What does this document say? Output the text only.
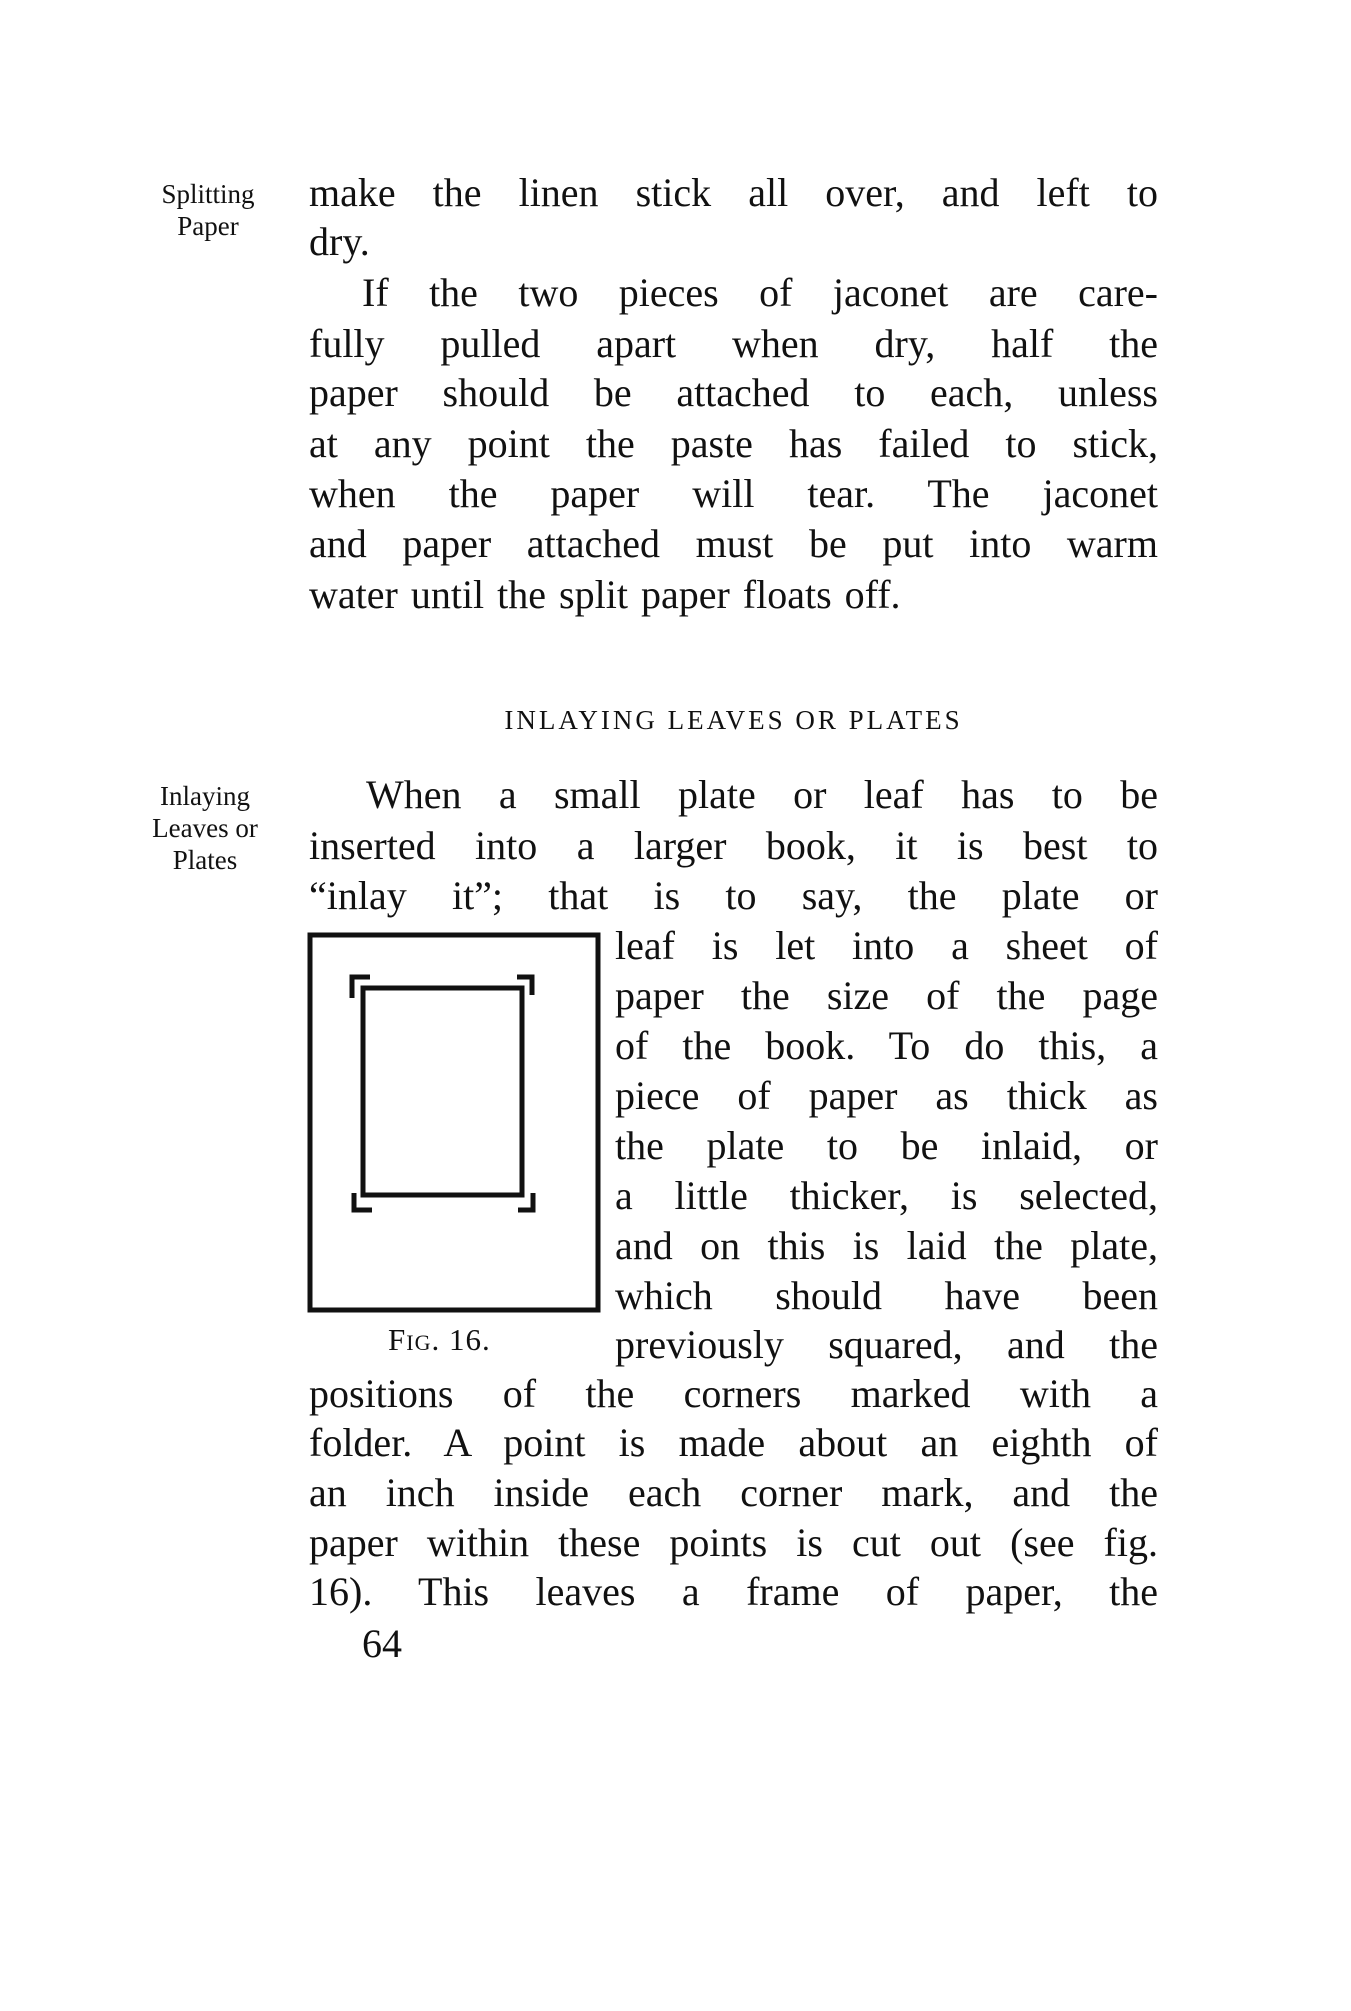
Splitting
Paper
make the linen stick all over, and left to
dry.
If the two pieces of jaconet are care-
fully pulled apart when dry, half the
paper should be attached to each, unless
at any point the paste has failed to stick,
when the paper will tear. The jaconet
and paper attached must be put into warm
water until the split paper floats off.
INLAYING LEAVES OR PLATES
Inlaying
Leaves or
Plates
When a small plate or leaf has to be
inserted into a larger book, it is best to
“inlay it”; that is to say, the plate or
leaf is let into a sheet of
paper the size of the page
of the book. To do this, a
piece of paper as thick as
the plate to be inlaid, or
a little thicker, is selected,
and on this is laid the plate,
which should have been
previously squared, and the
positions of the corners marked with a
folder. A point is made about an eighth of
an inch inside each corner mark, and the
paper within these points is cut out (see fig.
16). This leaves a frame of paper, the
Fig. 16.
64
